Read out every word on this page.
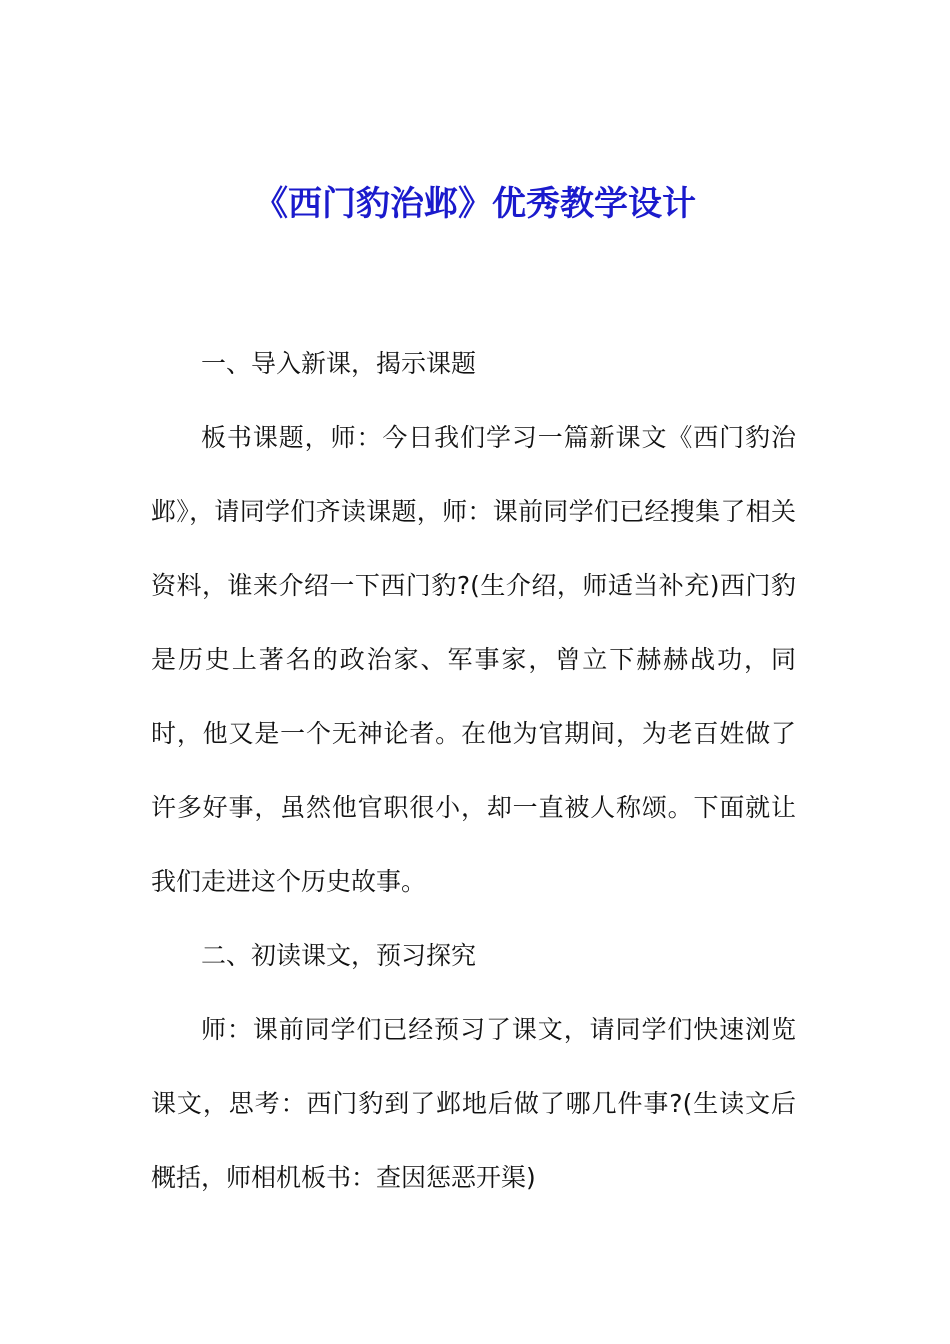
《西门豹治邺》优秀教学设计

一、导入新课，揭示课题

板书课题，师：今日我们学习一篇新课文《西门豹治邺》，请同学们齐读课题，师：课前同学们已经搜集了相关资料，谁来介绍一下西门豹?(生介绍，师适当补充)西门豹是历史上著名的政治家、军事家，曾立下赫赫战功，同时，他又是一个无神论者。在他为官期间，为老百姓做了许多好事，虽然他官职很小，却一直被人称颂。下面就让我们走进这个历史故事。

二、初读课文，预习探究

师：课前同学们已经预习了课文，请同学们快速浏览课文，思考：西门豹到了邺地后做了哪几件事?(生读文后概括，师相机板书：查因惩恶开渠)
